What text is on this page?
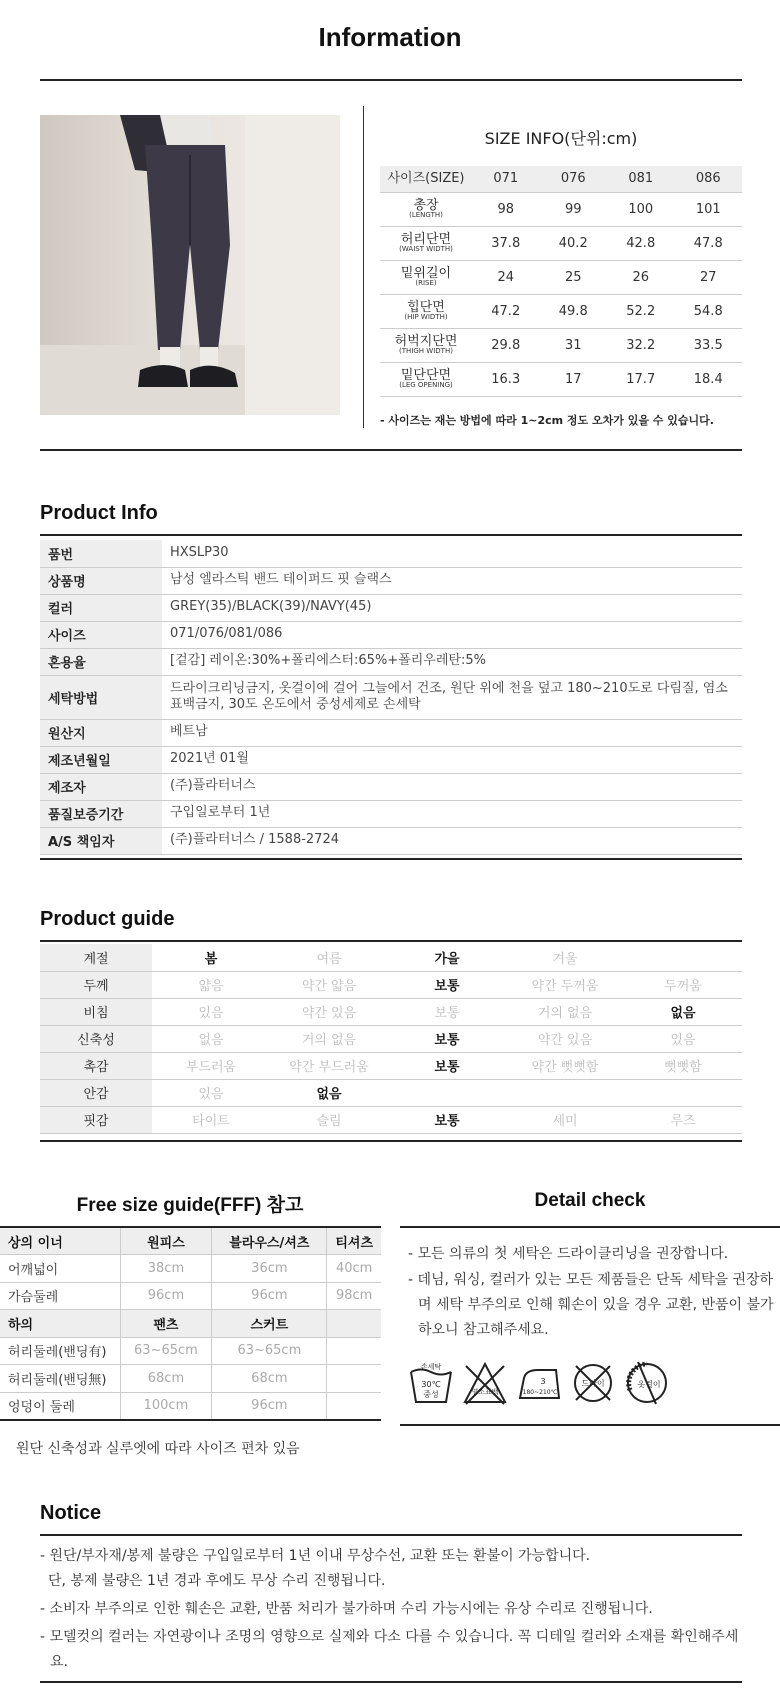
Information
SIZE INFO(단위:cm)
사이즈(SIZE)	071	076	081	086

총장
(LENGTH)	98	99	100	101

허리단면
(WAIST WIDTH)	37.8	40.2	42.8	47.8

밑위길이
(RISE)	24	25	26	27

힙단면
(HIP WIDTH)	47.2	49.8	52.2	54.8

허벅지단면
(THIGH WIDTH)	29.8	31	32.2	33.5

밑단단면
(LEG OPENING)	16.3	17	17.7	18.4
- 사이즈는 재는 방법에 따라 1~2cm 정도 오차가 있을 수 있습니다.
Product Info
품번	HXSLP30
상품명	남성 엘라스틱 밴드 테이퍼드 핏 슬랙스
컬러	GREY(35)/BLACK(39)/NAVY(45)
사이즈	071/076/081/086
혼용율	[겉감] 레이온:30%+폴리에스터:65%+폴리우레탄:5%
세탁방법	드라이크리닝금지, 옷걸이에 걸어 그늘에서 건조, 원단 위에 천을 덮고 180~210도로 다림질, 염소 표백금지, 30도 온도에서 중성세제로 손세탁
원산지	베트남
제조년월일	2021년 01월
제조자	(주)플라터너스
품질보증기간	구입일로부터 1년
A/S 책임자	(주)플라터너스 / 1588-2724
Product guide
계절	봄	여름	가을	겨울	
두께	얇음	약간 얇음	보통	약간 두꺼움	두꺼움
비침	있음	약간 있음	보통	거의 없음	없음
신축성	없음	거의 없음	보통	약간 있음	있음
촉감	부드러움	약간 부드러움	보통	약간 뻣뻣함	뻣뻣함
안감	있음	없음			
핏감	타이트	슬림	보통	세미	루즈
Free size guide(FFF) 참고
상의 이너	원피스	블라우스/셔츠	티셔츠
어깨넓이	38cm	36cm	40cm
가슴둘레	96cm	96cm	98cm
하의	팬츠	스커트	
허리둘레(밴딩有)	63~65cm	63~65cm	
허리둘레(밴딩無)	68cm	68cm	
엉덩이 둘레	100cm	96cm	
원단 신축성과 실루엣에 따라 사이즈 편차 있음
Detail check
- 모든 의류의 첫 세탁은 드라이클리닝을 권장합니다.
- 데님, 워싱, 컬러가 있는 모든 제품들은 단독 세탁을 권장하며 세탁 부주의로 인해 훼손이 있을 경우 교환, 반품이 불가하오니 참고해주세요.
손세탁
30℃
중성	염소표백
3
180~210℃
드라이	옷걸이
Notice
- 원단/부자재/봉제 불량은 구입일로부터 1년 이내 무상수선, 교환 또는 환불이 가능합니다.
단, 봉제 불량은 1년 경과 후에도 무상 수리 진행됩니다.
- 소비자 부주의로 인한 훼손은 교환, 반품 처리가 불가하며 수리 가능시에는 유상 수리로 진행됩니다.
- 모델컷의 컬러는 자연광이나 조명의 영향으로 실제와 다소 다를 수 있습니다. 꼭 디테일 컬러와 소재를 확인해주세요.
